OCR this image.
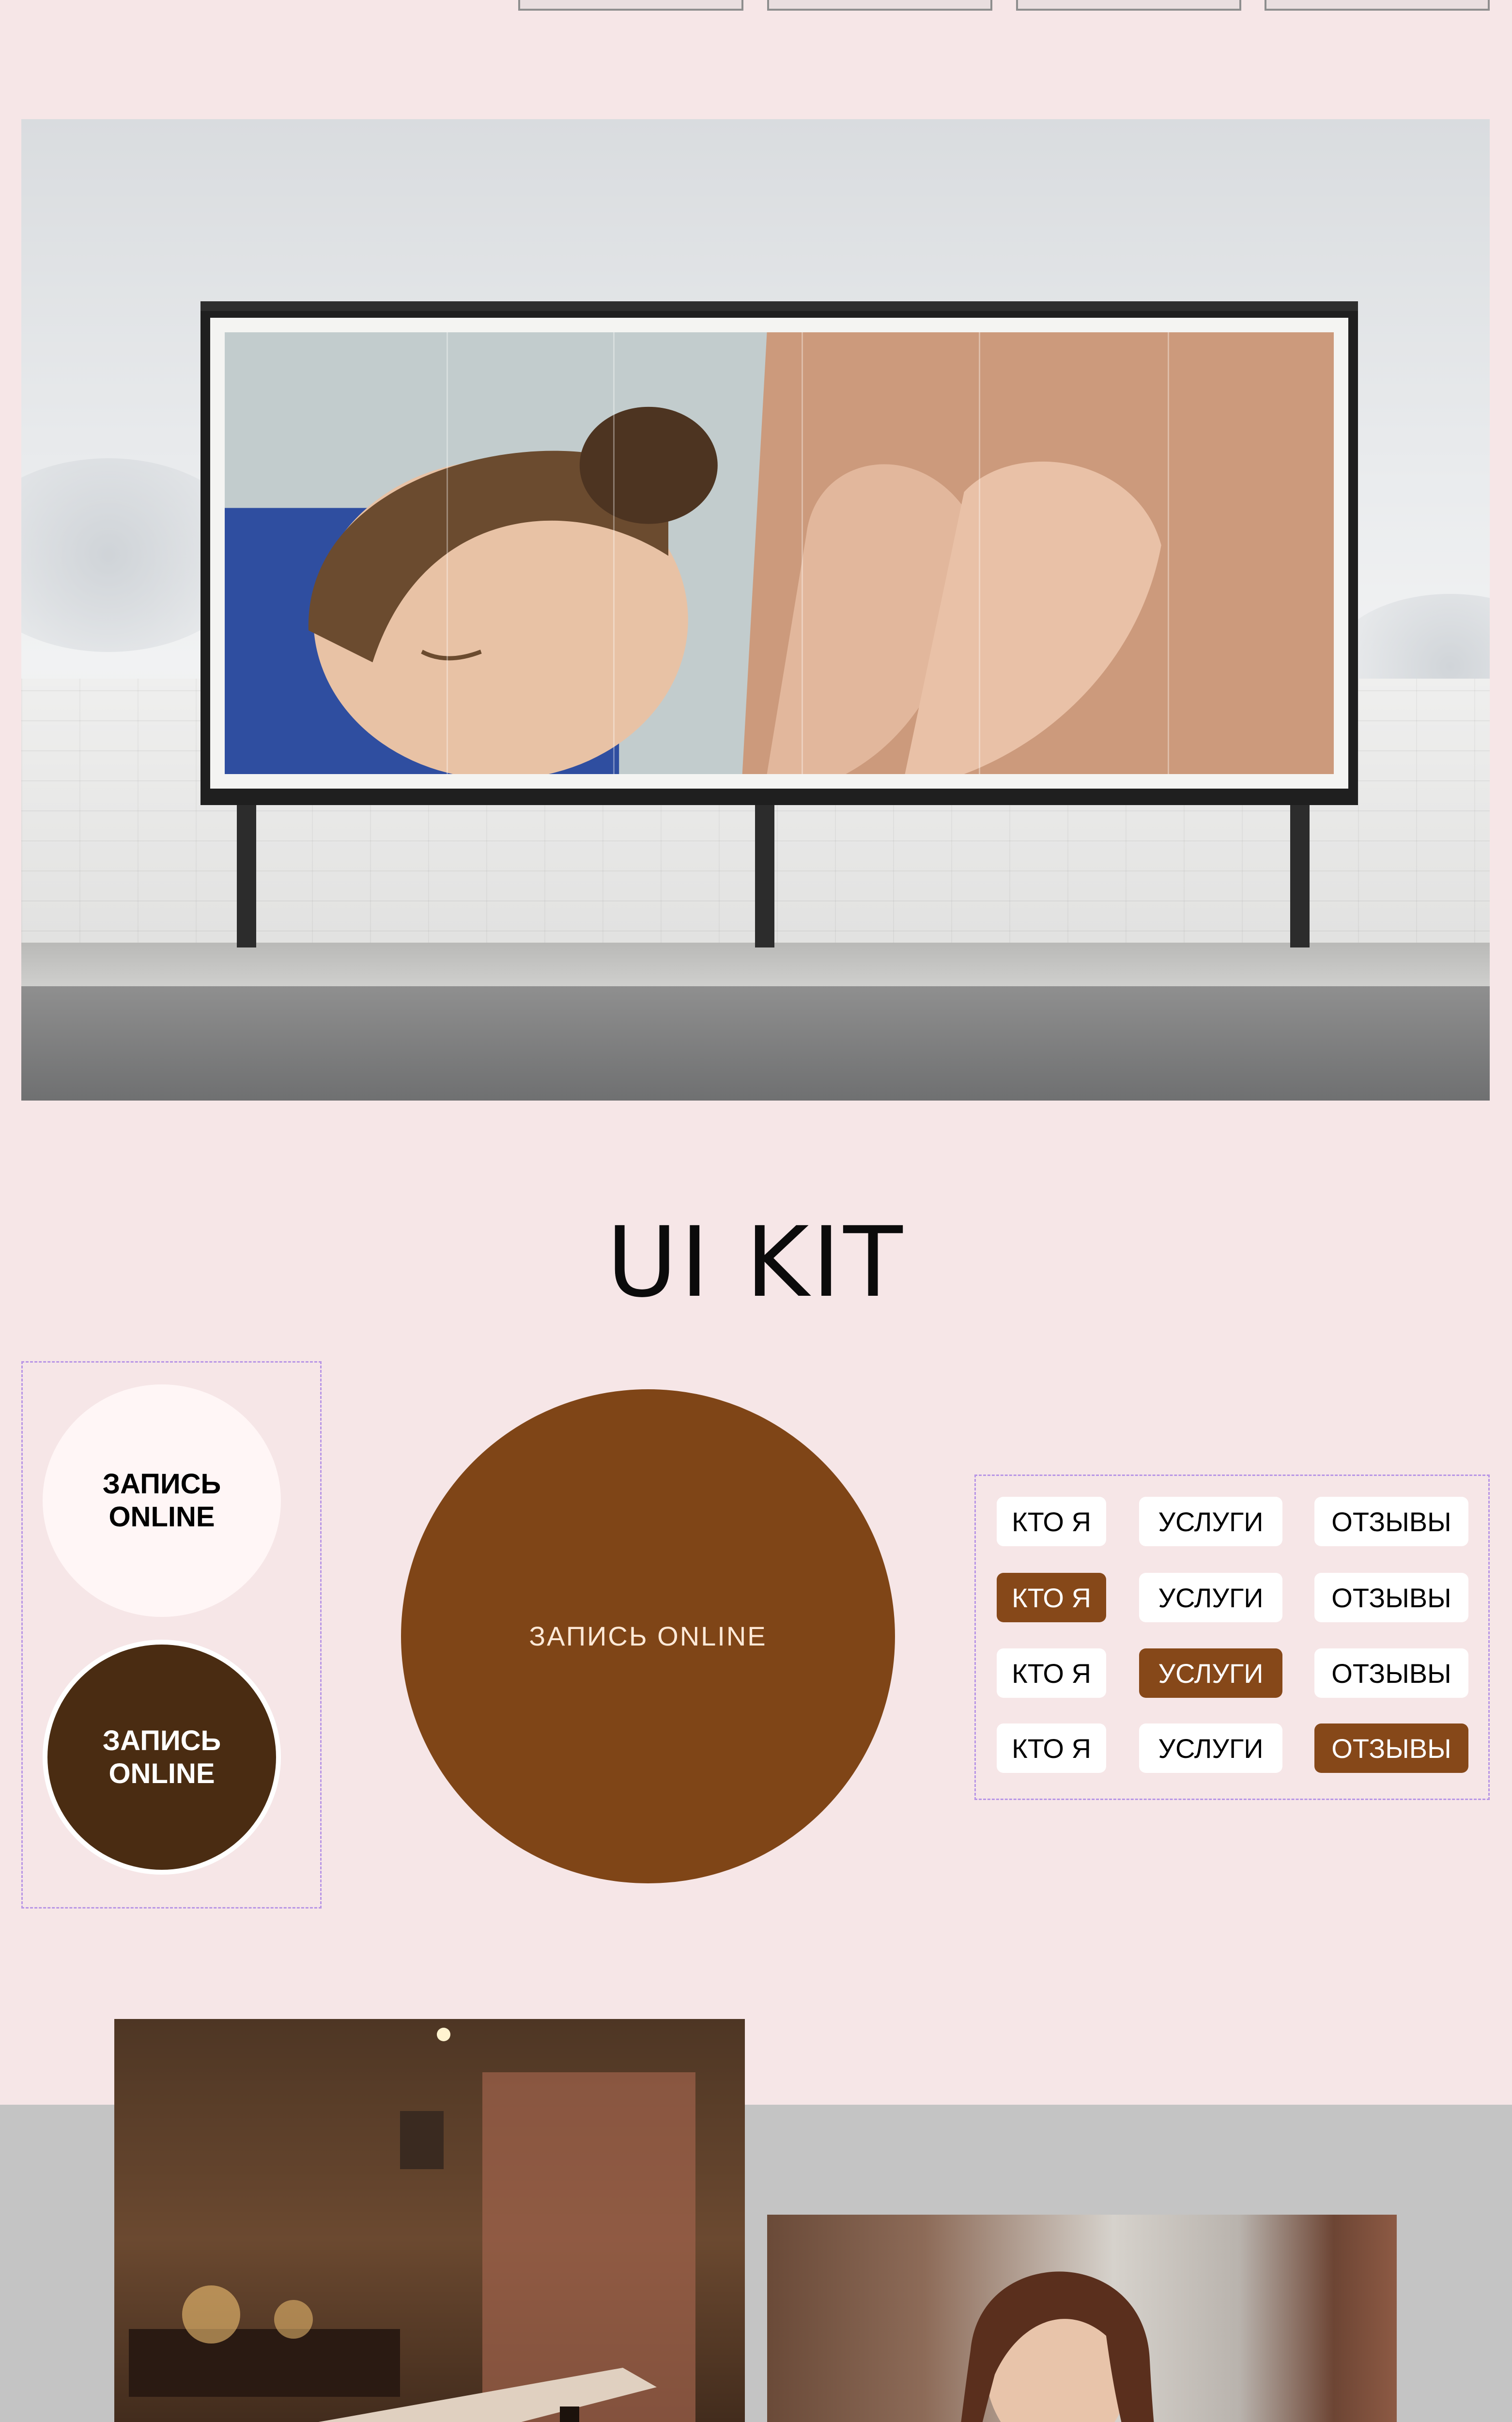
UI KIT
ЗАПИСЬ
ONLINE
ЗАПИСЬ
ONLINE
ЗАПИСЬ ONLINE
КТО Я	УСЛУГИ	ОТЗЫВЫ
КТО Я	УСЛУГИ	ОТЗЫВЫ
КТО Я	УСЛУГИ	ОТЗЫВЫ
КТО Я	УСЛУГИ	ОТЗЫВЫ
